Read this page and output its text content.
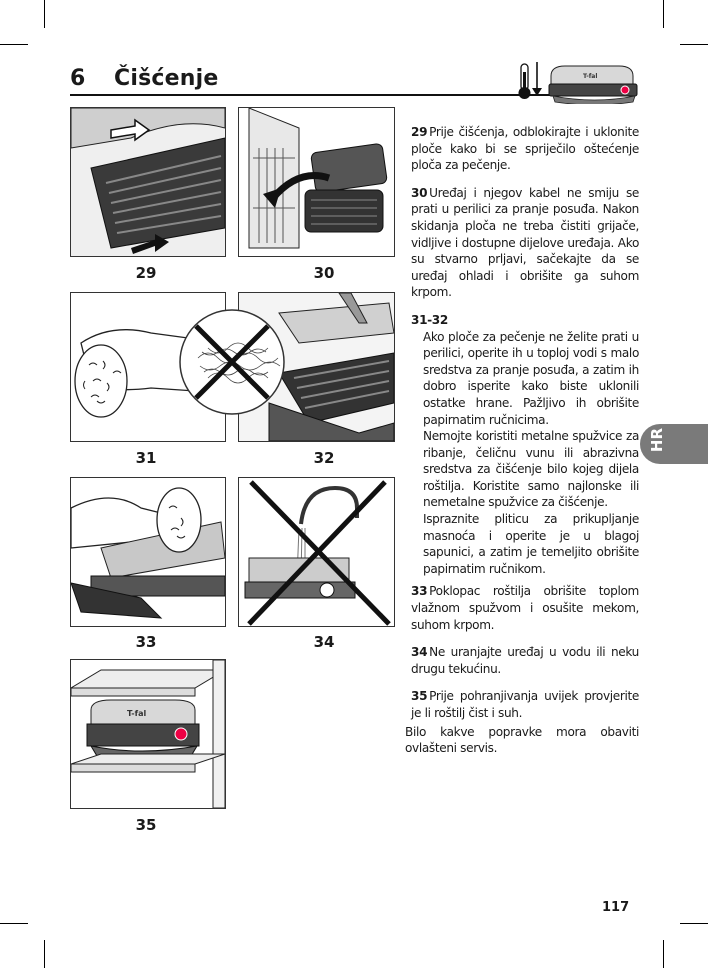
6 Čišćenje	T-fal
29	30
31	32
33	34
T-fal
35
29 Prije čišćenja, odblokirajte i uklonite ploče kako bi se spriječilo oštećenje ploča za pečenje.
30 Uređaj i njegov kabel ne smiju se prati u perilici za pranje posuđa. Nakon skidanja ploča ne treba čistiti grijače, vidljive i dostupne dijelove uređaja. Ako su stvarno prljavi, sačekajte da se uređaj ohladi i obrišite ga suhom krpom.
31-32
Ako ploče za pečenje ne želite prati u perilici, operite ih u toploj vodi s malo sredstva za pranje posuđa, a zatim ih dobro isperite kako biste uklonili ostatke hrane. Pažljivo ih obrišite papirnatim ručnicima.
Nemojte koristiti metalne spužvice za ribanje, čeličnu vunu ili abrazivna sredstva za čišćenje bilo kojeg dijela roštilja. Koristite samo najlonske ili nemetalne spužvice za čišćenje.
Ispraznite pliticu za prikupljanje masnoća i operite je u blagoj sapunici, a zatim je temeljito obrišite papirnatim ručnikom.
33 Poklopac roštilja obrišite toplom vlažnom spužvom i osušite mekom, suhom krpom.
34 Ne uranjajte uređaj u vodu ili neku drugu tekućinu.
35 Prije pohranjivanja uvijek provjerite je li roštilj čist i suh.
Bilo kakve popravke mora obaviti ovlašteni servis.
HR
117
